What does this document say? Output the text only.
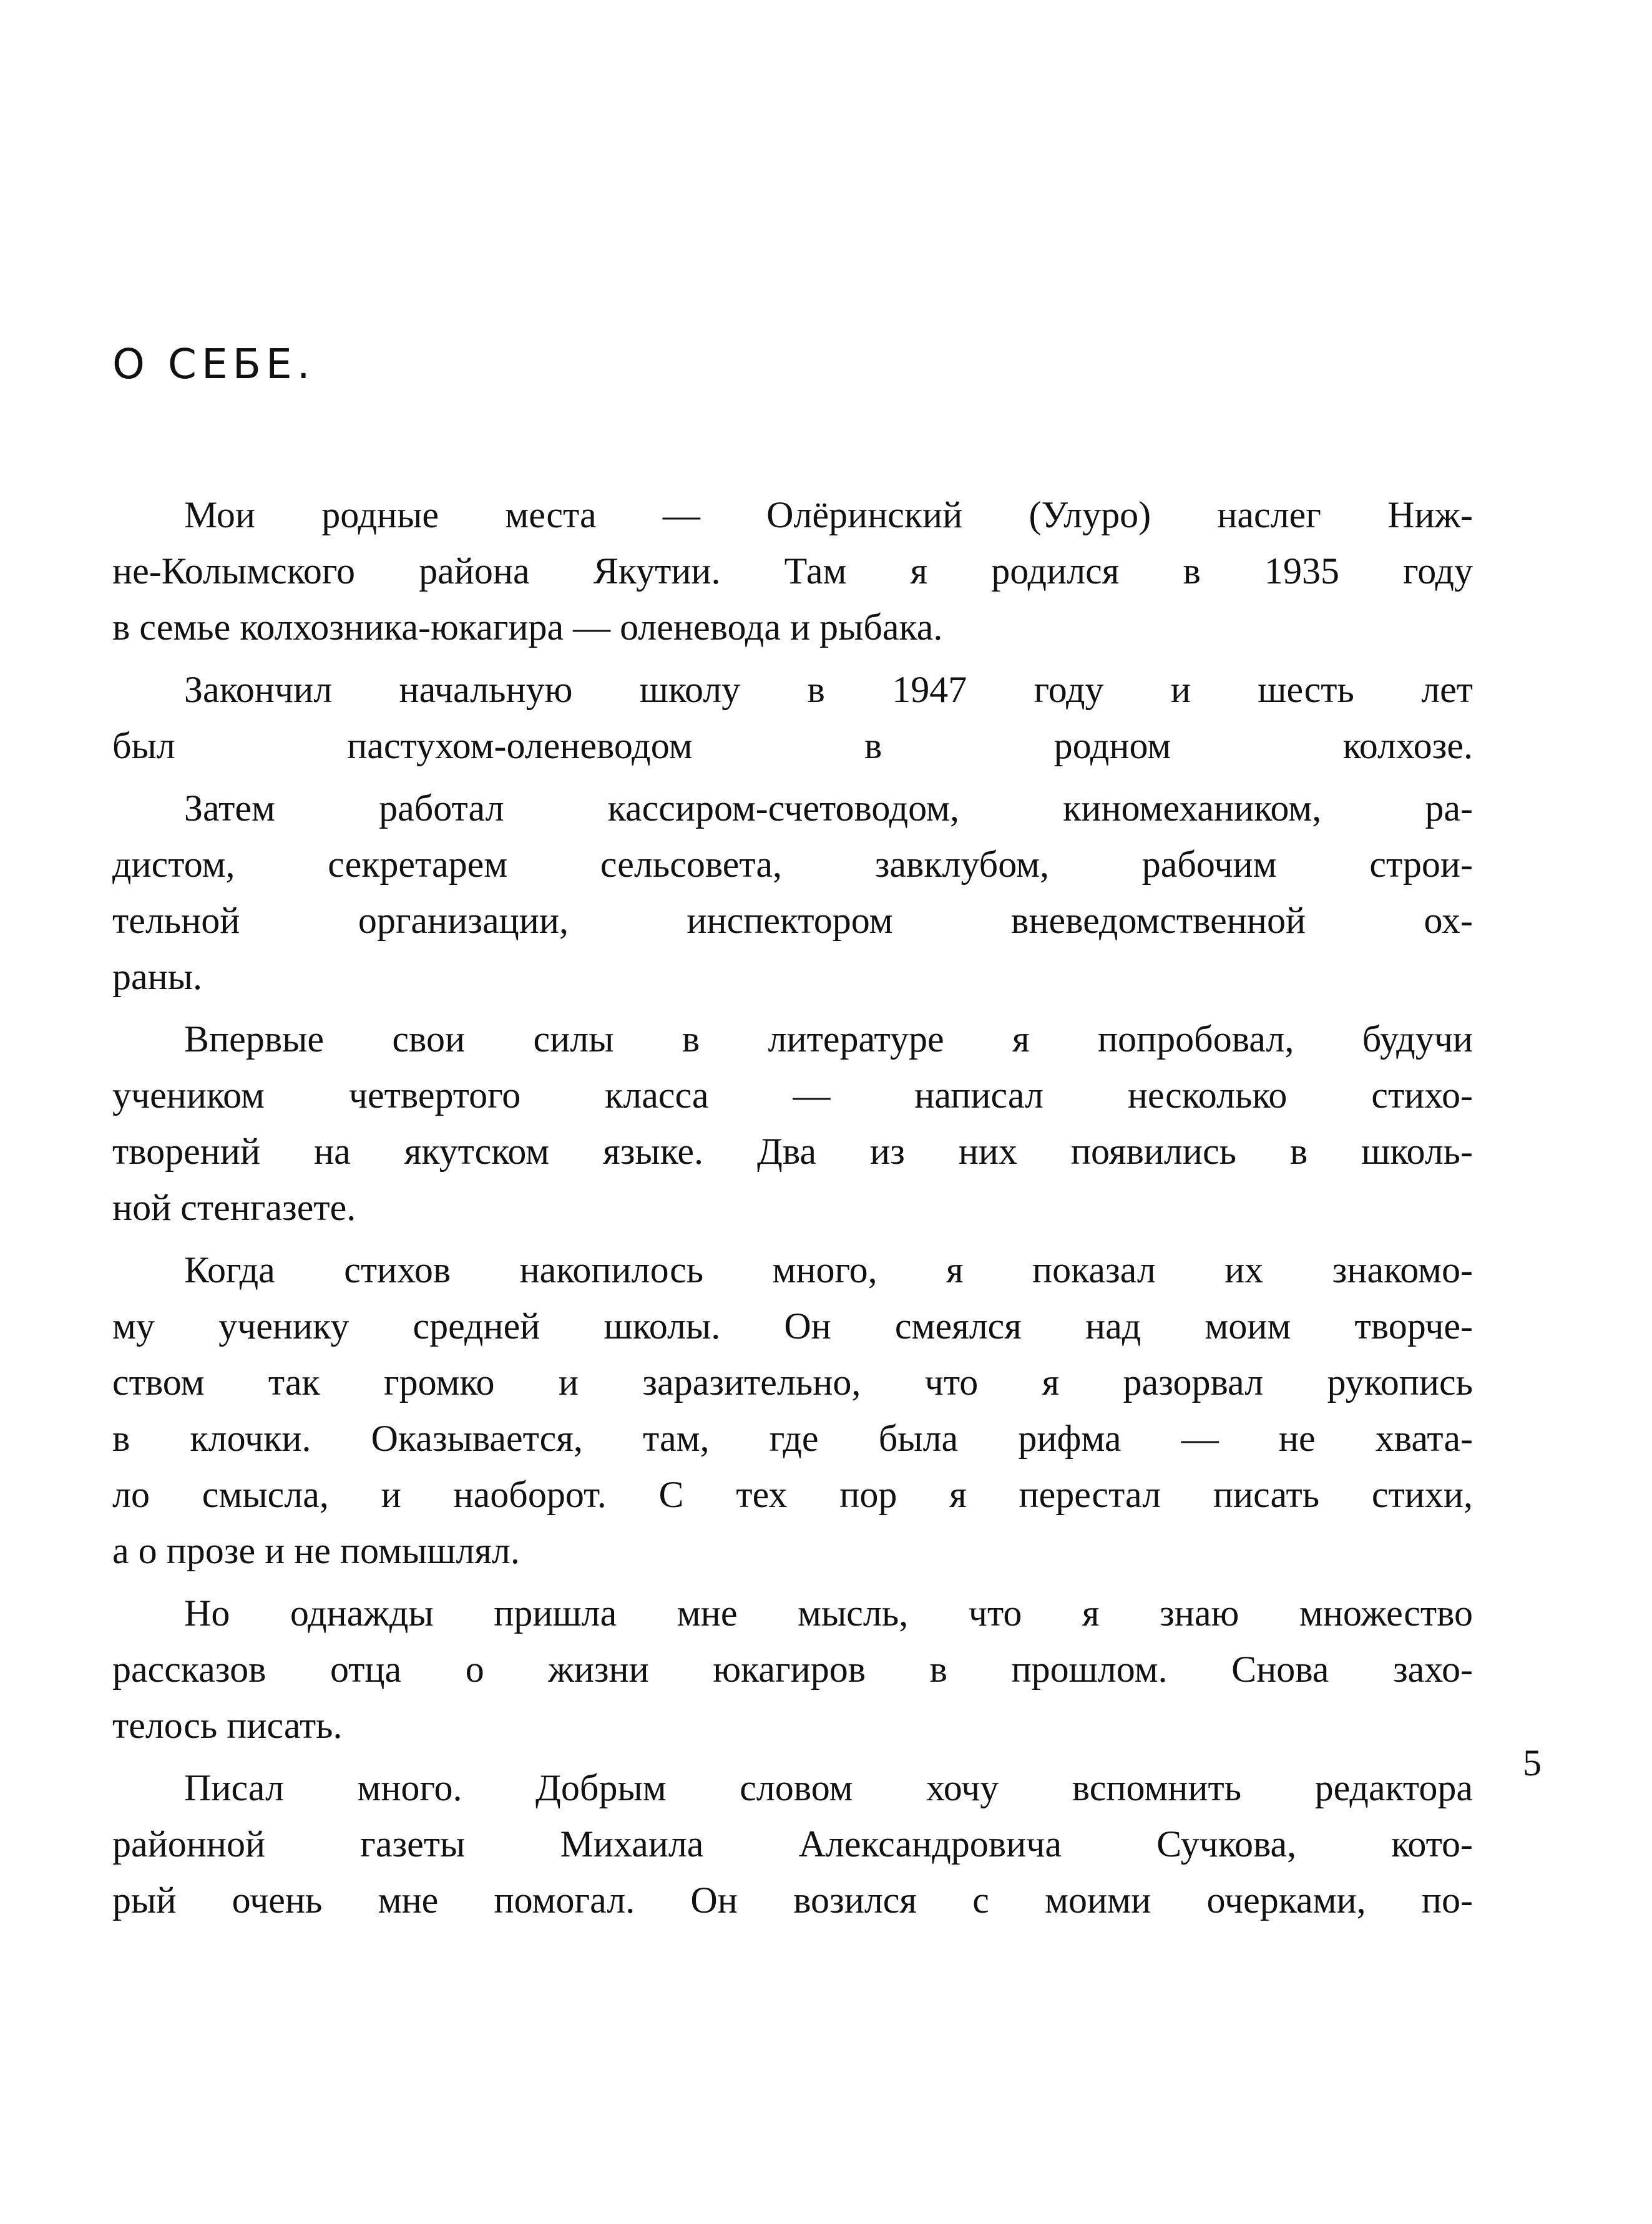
О СЕБЕ.

Мои родные места — Олёринский (Улуро) наслег Ниж-
не-Колымского района Якутии. Там я родился в 1935 году
в семье колхозника-юкагира — оленевода и рыбака.

Закончил начальную школу в 1947 году и шесть лет
был пастухом-оленеводом в родном колхозе.

Затем работал кассиром-счетоводом, киномехаником, ра-
дистом, секретарем сельсовета, завклубом, рабочим строи-
тельной организации, инспектором вневедомственной ох-
раны.

Впервые свои силы в литературе я попробовал, будучи
учеником четвертого класса — написал несколько стихо-
творений на якутском языке. Два из них появились в школь-
ной стенгазете.

Когда стихов накопилось много, я показал их знакомо-
му ученику средней школы. Он смеялся над моим творче-
ством так громко и заразительно, что я разорвал рукопись
в клочки. Оказывается, там, где была рифма — не хвата-
ло смысла, и наоборот. С тех пор я перестал писать стихи,
а о прозе и не помышлял.

Но однажды пришла мне мысль, что я знаю множество
рассказов отца о жизни юкагиров в прошлом. Снова захо-
телось писать.

Писал много. Добрым словом хочу вспомнить редактора
районной газеты Михаила Александровича Сучкова, кото-
рый очень мне помогал. Он возился с моими очерками, по-

5
